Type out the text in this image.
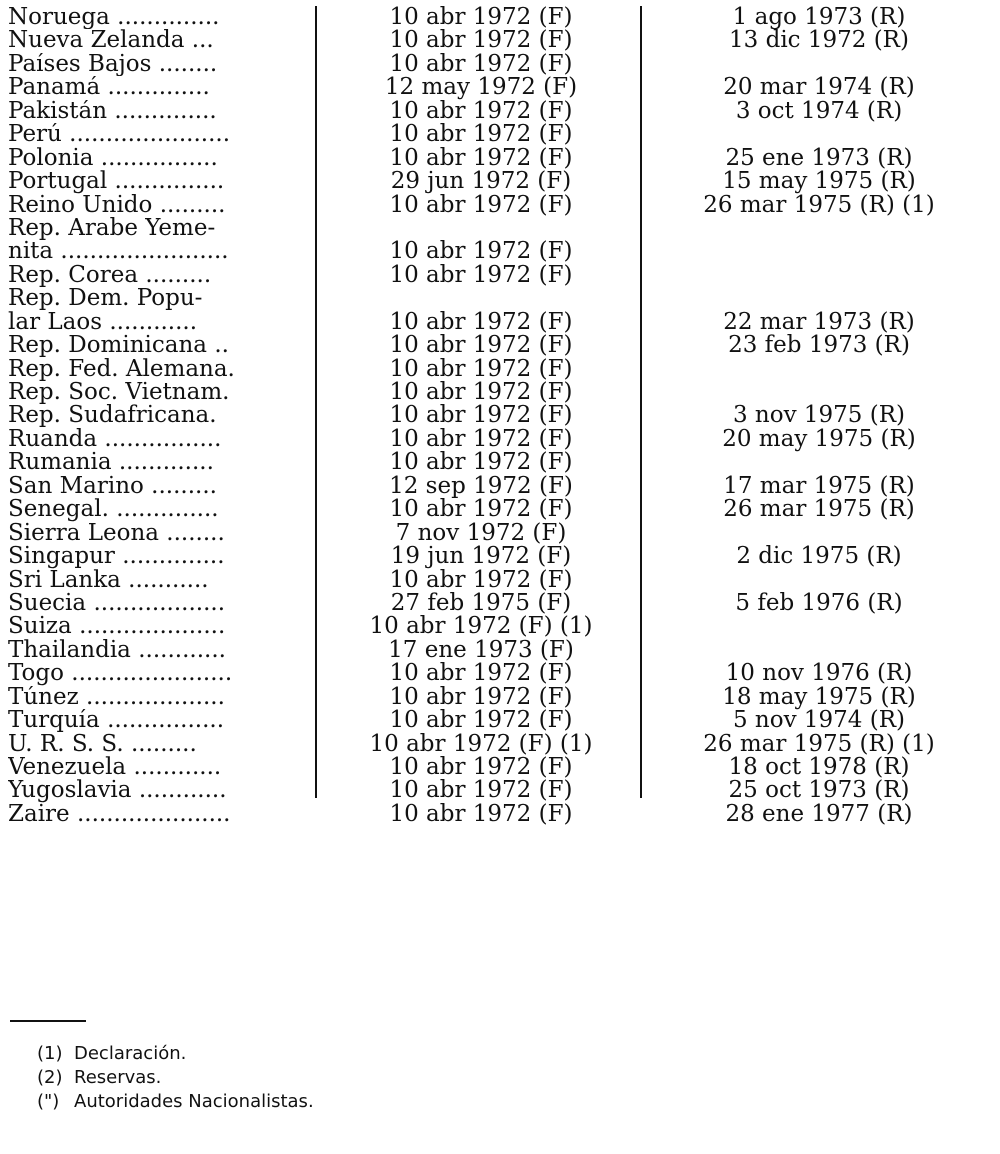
Noruega ..............	10 abr 1972 (F)	1 ago 1973 (R)
Nueva Zelanda ...	10 abr 1972 (F)	13 dic 1972 (R)
Países Bajos ........	10 abr 1972 (F)
Panamá ..............	12 may 1972 (F)	20 mar 1974 (R)
Pakistán ..............	10 abr 1972 (F)	3 oct 1974 (R)
Perú ......................	10 abr 1972 (F)
Polonia ................	10 abr 1972 (F)	25 ene 1973 (R)
Portugal ...............	29 jun 1972 (F)	15 may 1975 (R)
Reino Unido .........	10 abr 1972 (F)	26 mar 1975 (R) (1)
Rep. Arabe Yeme-
nita .......................	10 abr 1972 (F)
Rep. Corea .........	10 abr 1972 (F)
Rep. Dem. Popu-
lar Laos ............	10 abr 1972 (F)	22 mar 1973 (R)
Rep. Dominicana ..	10 abr 1972 (F)	23 feb 1973 (R)
Rep. Fed. Alemana.	10 abr 1972 (F)
Rep. Soc. Vietnam.	10 abr 1972 (F)
Rep. Sudafricana.	10 abr 1972 (F)	3 nov 1975 (R)
Ruanda ................	10 abr 1972 (F)	20 may 1975 (R)
Rumania .............	10 abr 1972 (F)
San Marino .........	12 sep 1972 (F)	17 mar 1975 (R)
Senegal. ..............	10 abr 1972 (F)	26 mar 1975 (R)
Sierra Leona ........	7 nov 1972 (F)
Singapur ..............	19 jun 1972 (F)	2 dic 1975 (R)
Sri Lanka ...........	10 abr 1972 (F)
Suecia ..................	27 feb 1975 (F)	5 feb 1976 (R)
Suiza ....................	10 abr 1972 (F) (1)
Thailandia ............	17 ene 1973 (F)
Togo ......................	10 abr 1972 (F)	10 nov 1976 (R)
Túnez ...................	10 abr 1972 (F)	18 may 1975 (R)
Turquía ................	10 abr 1972 (F)	5 nov 1974 (R)
U. R. S. S. .........	10 abr 1972 (F) (1)	26 mar 1975 (R) (1)
Venezuela ............	10 abr 1972 (F)	18 oct 1978 (R)
Yugoslavia ............	10 abr 1972 (F)	25 oct 1973 (R)
Zaire .....................	10 abr 1972 (F)	28 ene 1977 (R)
(1) Declaración.
(2) Reservas.
(") Autoridades Nacionalistas.
